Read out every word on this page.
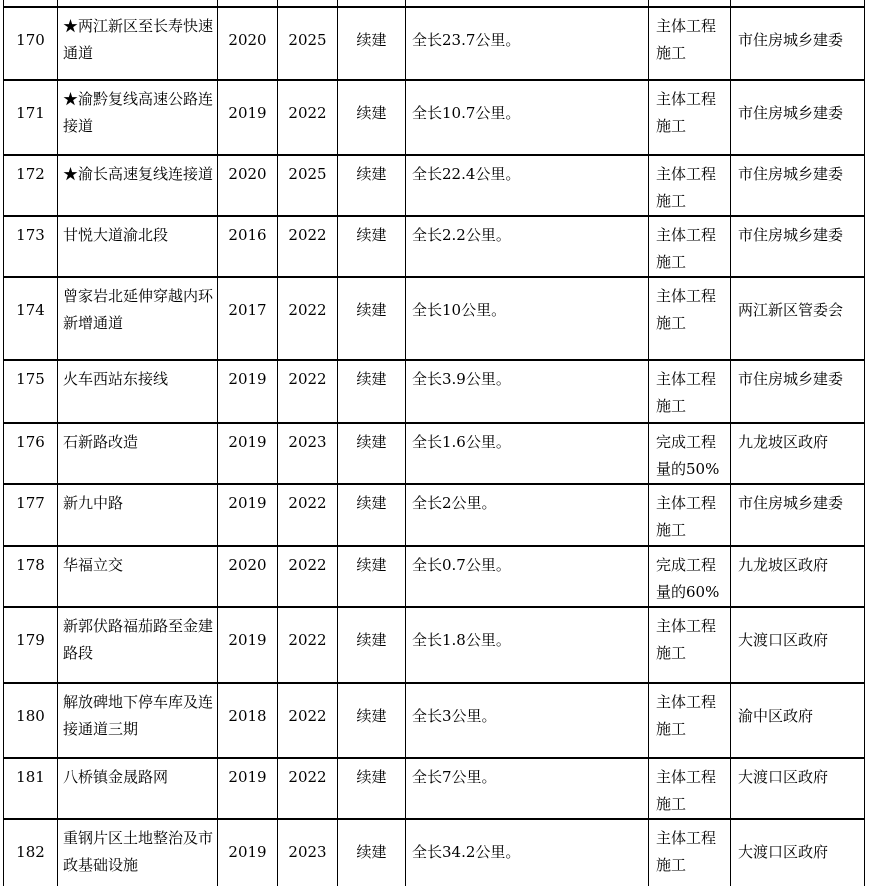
170	★两江新区至长寿快速通道	2020	2025	续建	全长23.7公里。	主体工程施工	市住房城乡建委

171	★渝黔复线高速公路连接道	2019	2022	续建	全长10.7公里。	主体工程施工	市住房城乡建委

172	★渝长高速复线连接道	2020	2025	续建	全长22.4公里。	主体工程施工	市住房城乡建委

173	甘悦大道渝北段	2016	2022	续建	全长2.2公里。	主体工程施工	市住房城乡建委

174	曾家岩北延伸穿越内环新增通道	2017	2022	续建	全长10公里。	主体工程施工	两江新区管委会

175	火车西站东接线	2019	2022	续建	全长3.9公里。	主体工程施工	市住房城乡建委

176	石新路改造	2019	2023	续建	全长1.6公里。	完成工程量的50%	九龙坡区政府

177	新九中路	2019	2022	续建	全长2公里。	主体工程施工	市住房城乡建委

178	华福立交	2020	2022	续建	全长0.7公里。	完成工程量的60%	九龙坡区政府

179	新郭伏路福茄路至金建路段	2019	2022	续建	全长1.8公里。	主体工程施工	大渡口区政府

180	解放碑地下停车库及连接通道三期	2018	2022	续建	全长3公里。	主体工程施工	渝中区政府

181	八桥镇金晟路网	2019	2022	续建	全长7公里。	主体工程施工	大渡口区政府

182	重钢片区土地整治及市政基础设施	2019	2023	续建	全长34.2公里。	主体工程施工	大渡口区政府
